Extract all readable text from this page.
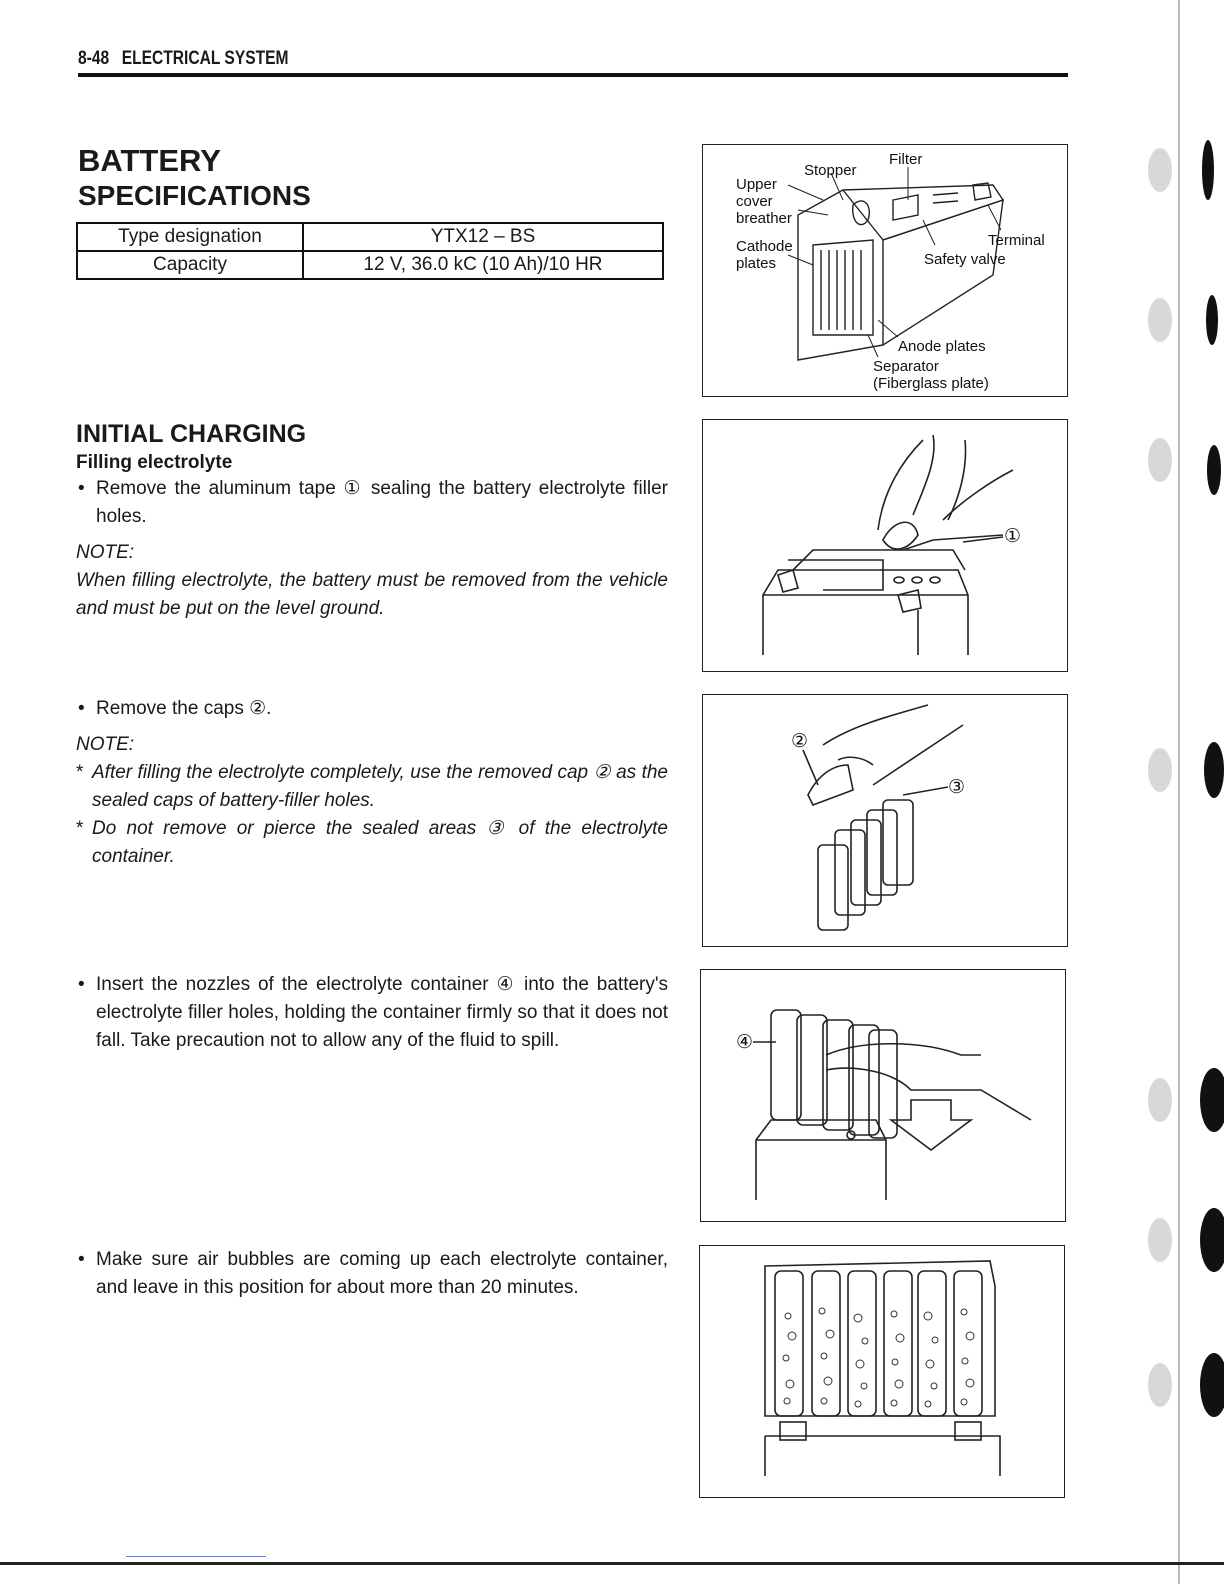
8-48 ELECTRICAL SYSTEM
BATTERY
SPECIFICATIONS
Type designation	YTX12 – BS
Capacity	12 V, 36.0 kC (10 Ah)/10 HR
INITIAL CHARGING
Filling electrolyte
• Remove the aluminum tape ① sealing the battery electrolyte filler holes.
NOTE:
When filling electrolyte, the battery must be removed from the vehicle and must be put on the level ground.
• Remove the caps ②.
NOTE:
* After filling the electrolyte completely, use the removed cap ② as the sealed caps of battery-filler holes.
* Do not remove or pierce the sealed areas ③ of the electrolyte container.
• Insert the nozzles of the electrolyte container ④ into the battery's electrolyte filler holes, holding the container firmly so that it does not fall. Take precaution not to allow any of the fluid to spill.
• Make sure air bubbles are coming up each electrolyte container, and leave in this position for about more than 20 minutes.
Filter
Stopper
Upper
cover
breather
Terminal
Cathode
plates	Safety valve
Anode plates
Separator
(Fiberglass plate)
①
②
③
④
